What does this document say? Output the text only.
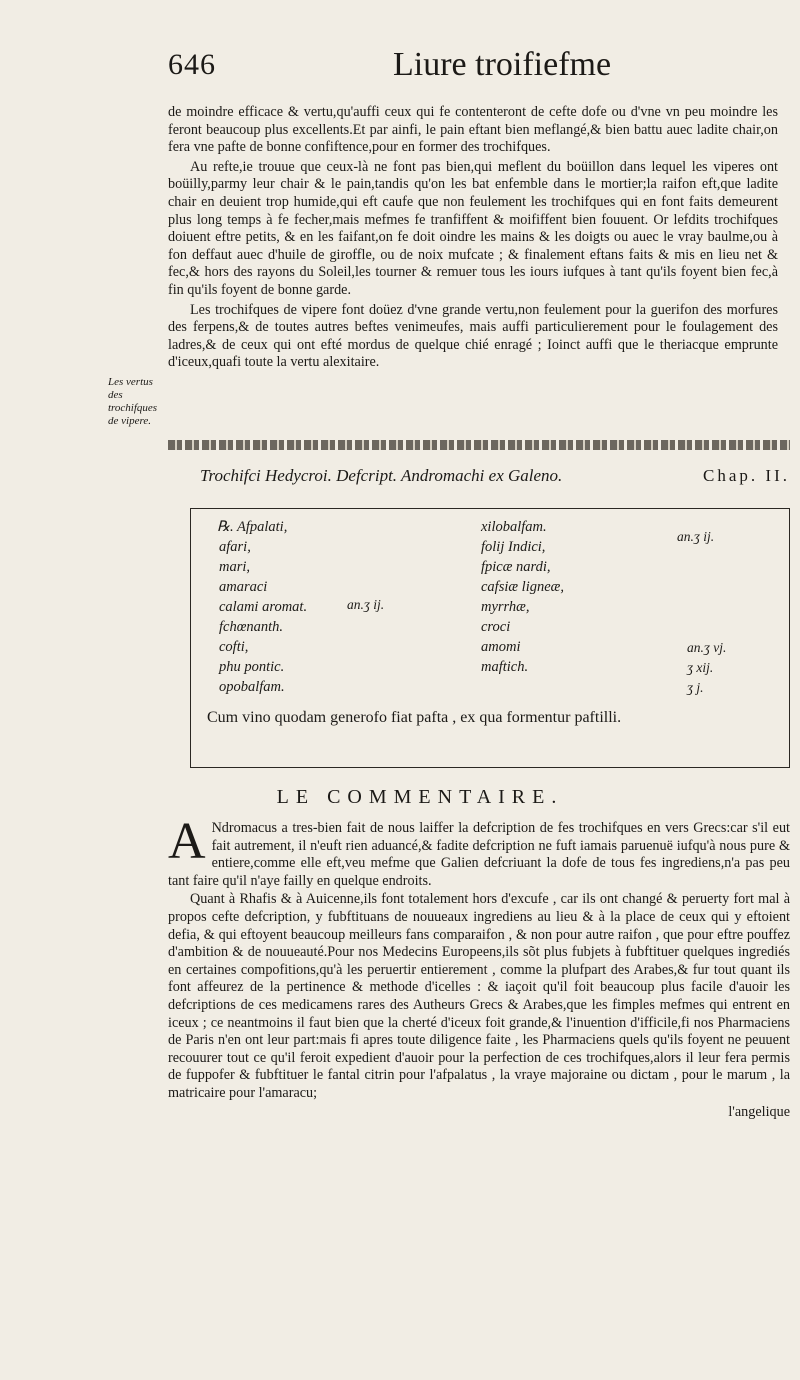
646	Liure troifiefme

de moindre efficace & vertu,qu'auffi ceux qui fe contenteront de cefte dofe ou d'vne vn peu moindre les feront beaucoup plus excellents.Et par ainfi, le pain eftant bien meflangé,& bien battu auec ladite chair,on fera vne pafte de bonne confiftence,pour en former des trochifques.

Au refte,ie trouue que ceux-là ne font pas bien,qui meflent du boüillon dans lequel les viperes ont boüilly,parmy leur chair & le pain,tandis qu'on les bat enfemble dans le mortier;la raifon eft,que ladite chair en deuient trop humide,qui eft caufe que non feulement les trochifques qui en font faits demeurent plus long temps à fe fecher,mais mefmes fe tranfiffent & moififfent bien fouuent. Or lefdits trochifques doiuent eftre petits, & en les faifant,on fe doit oindre les mains & les doigts ou auec le vray baulme,ou à fon deffaut auec d'huile de giroffle, ou de noix mufcate ; & finalement eftans faits & mis en lieu net & fec,& hors des rayons du Soleil,les tourner & remuer tous les iours iufques à tant qu'ils foyent bien fec,à fin qu'ils foyent de bonne garde.

Les trochifques de vipere font doüez d'vne grande vertu,non feulement pour la guerifon des morfures des ferpens,& de toutes autres beftes venimeufes, mais auffi particulierement pour le foulagement des ladres,& de ceux qui ont efté mordus de quelque chié enragé ; Ioinct auffi que le theriacque emprunte d'iceux,quafi toute la vertu alexitaire.

Les vertus des trochifques de vipere.
Trochifci Hedycroi. Defcript. Andromachi ex Galeno.	Chap. II.
℞. Afpalati,
afari,
mari,
amaraci
calami aromat.
fchœnanth.
cofti,
phu pontic.
opobalfam.
xilobalfam.
folij Indici,
fpicæ nardi,
cafsiæ ligneæ,
myrrhæ,
croci
amomi
maftich.
an.ʒ ij.
an.ʒ ij.
an.ʒ vj.
ʒ xij.
ʒ j.
Cum vino quodam generofo fiat pafta , ex qua formentur paftilli.
LE COMMENTAIRE.

A Ndromacus a tres-bien fait de nous laiffer la defcription de fes trochifques en vers Grecs:car s'il eut fait autrement, il n'euft rien aduancé,& fadite defcription ne fuft iamais paruenuë iufqu'à nous pure & entiere,comme elle eft,veu mefme que Galien defcriuant la dofe de tous fes ingrediens,n'a pas peu tant faire qu'il n'aye failly en quelque endroits.

Quant à Rhafis & à Auicenne,ils font totalement hors d'excufe , car ils ont changé & peruerty fort mal à propos cefte defcription, y fubftituans de nouueaux ingrediens au lieu & à la place de ceux qui y eftoient defia, & qui eftoyent beaucoup meilleurs fans comparaifon , & non pour autre raifon , que pour eftre pouffez d'ambition & de nouueauté.Pour nos Medecins Europeens,ils sõt plus fubjets à fubftituer quelques ingrediés en certaines compofitions,qu'à les peruertir entierement , comme la plufpart des Arabes,& fur tout quant ils font affeurez de la pertinence & methode d'icelles : & iaçoit qu'il foit beaucoup plus facile d'auoir les defcriptions de ces medicamens rares des Autheurs Grecs & Arabes,que les fimples mefmes qui entrent en iceux ; ce neantmoins il faut bien que la cherté d'iceux foit grande,& l'inuention d'ifficile,fi nos Pharmaciens de Paris n'en ont leur part:mais fi apres toute diligence faite , les Pharmaciens quels qu'ils foyent ne peuuent recouurer tout ce qu'il feroit expedient d'auoir pour la perfection de ces trochifques,alors il leur fera permis de fuppofer & fubftituer le fantal citrin pour l'afpalatus , la vraye majoraine ou dictam , pour le marum , la matricaire pour l'amaracu;

l'angelique
